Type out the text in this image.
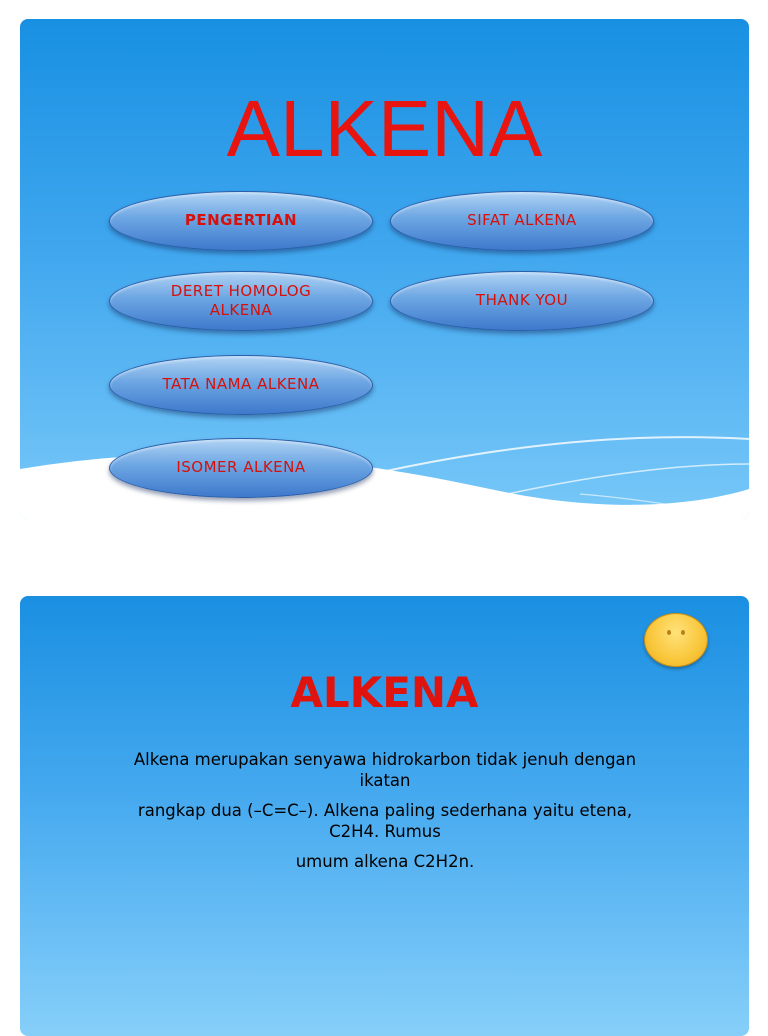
ALKENA
PENGERTIAN	SIFAT ALKENA
DERET HOMOLOG ALKENA
THANK YOU
TATA NAMA ALKENA
ISOMER ALKENA
ALKENA

Alkena merupakan senyawa hidrokarbon tidak jenuh dengan ikatan

rangkap dua (–C=C–). Alkena paling sederhana yaitu etena, C2H4. Rumus

umum alkena C2H2n.
